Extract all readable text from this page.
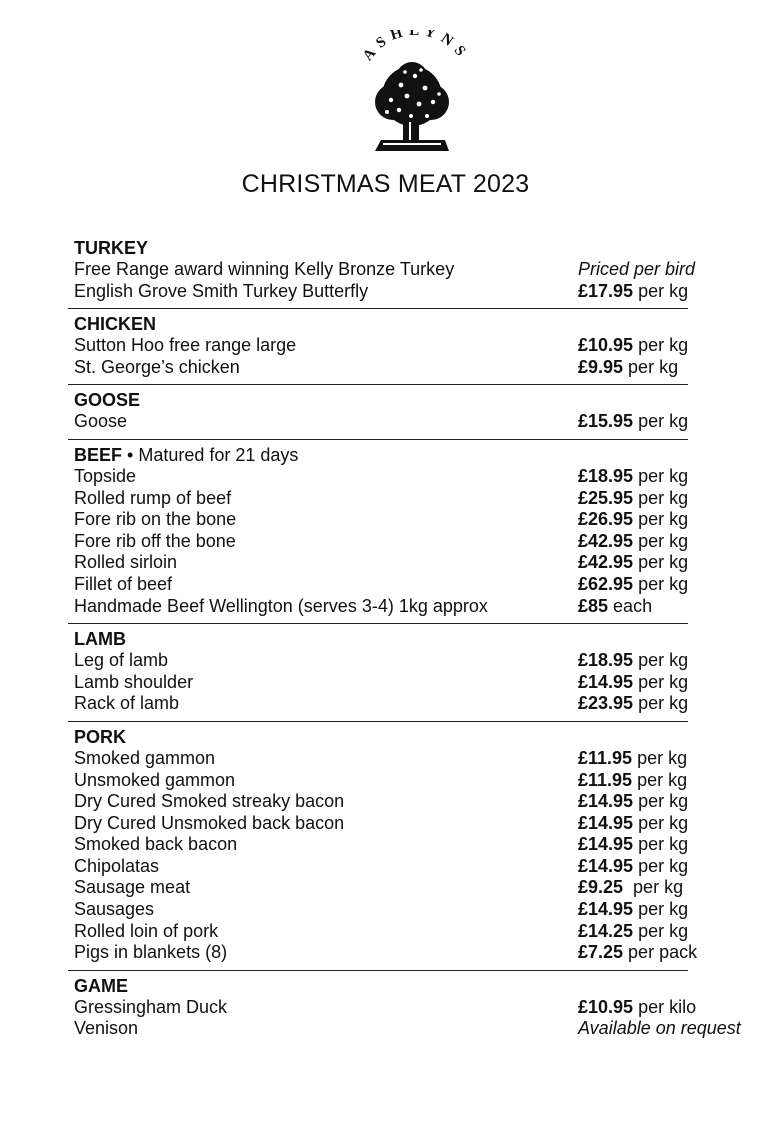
ASHLYNS
CHRISTMAS MEAT 2023
TURKEY
Free Range award winning Kelly Bronze Turkey	Priced per bird
English Grove Smith Turkey Butterfly	£17.95 per kg
CHICKEN
Sutton Hoo free range large	£10.95 per kg
St. George’s chicken	£9.95 per kg
GOOSE
Goose	£15.95 per kg
BEEF • Matured for 21 days
Topside	£18.95 per kg
Rolled rump of beef	£25.95 per kg
Fore rib on the bone	£26.95 per kg
Fore rib off the bone	£42.95 per kg
Rolled sirloin	£42.95 per kg
Fillet of beef	£62.95 per kg
Handmade Beef Wellington (serves 3-4) 1kg approx	£85 each
LAMB
Leg of lamb	£18.95 per kg
Lamb shoulder	£14.95 per kg
Rack of lamb	£23.95 per kg
PORK
Smoked gammon	£11.95 per kg
Unsmoked gammon	£11.95 per kg
Dry Cured Smoked streaky bacon	£14.95 per kg
Dry Cured Unsmoked back bacon	£14.95 per kg
Smoked back bacon	£14.95 per kg
Chipolatas	£14.95 per kg
Sausage meat	£9.25  per kg
Sausages	£14.95 per kg
Rolled loin of pork	£14.25 per kg
Pigs in blankets (8)	£7.25 per pack
GAME
Gressingham Duck	£10.95 per kilo
Venison	Available on request
